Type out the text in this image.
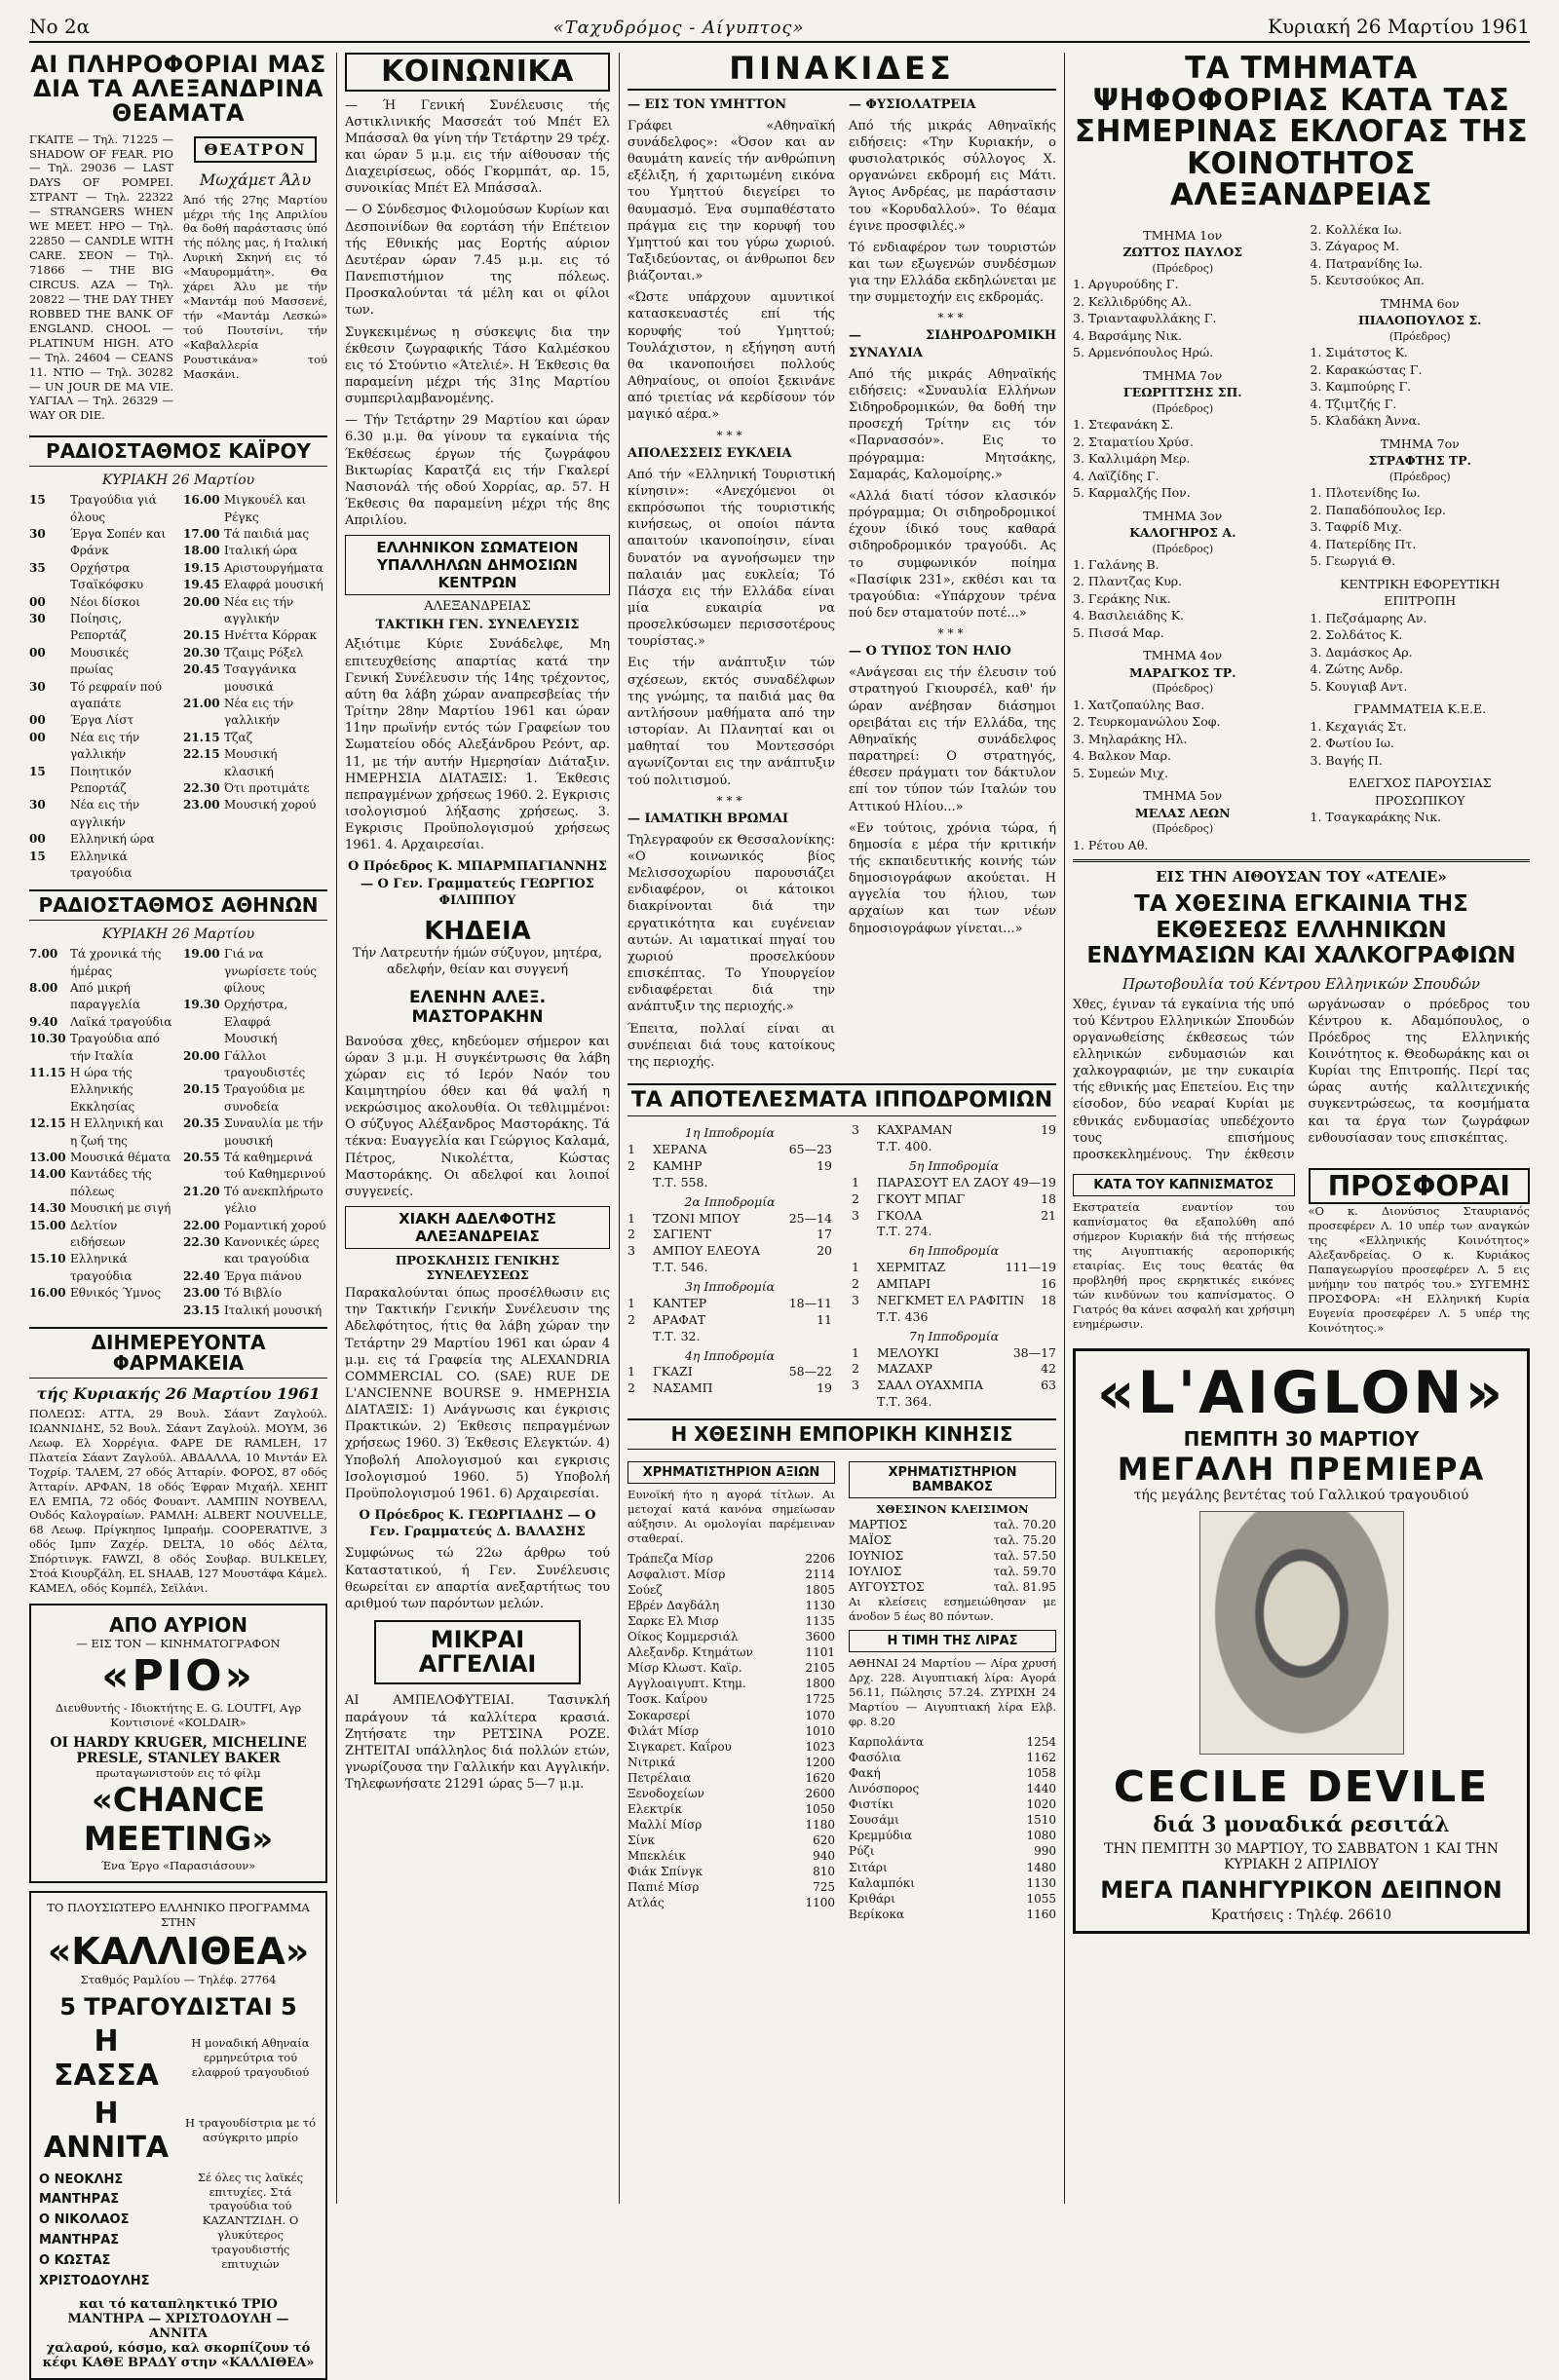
Νο 2α	«Ταχυδρόμος - Αίγυπτος»	Κυριακή 26 Μαρτίου 1961
ΑΙ ΠΛΗΡΟΦΟΡΙΑΙ ΜΑΣ ΔΙΑ ΤΑ ΑΛΕΞΑΝΔΡΙΝΑ ΘΕΑΜΑΤΑ
ΓΚΑΙΤΕ — Τηλ. 71225 — SHADOW OF FEAR. ΡΙΟ — Τηλ. 29036 — LAST DAYS OF POMPEI. ΣΤΡΑΝΤ — Τηλ. 22322 — STRANGERS WHEN WE MEET. ΗΡΟ — Τηλ. 22850 — CANDLE WITH CARE. ΣΕΟΝ — Τηλ. 71866 — THE BIG CIRCUS. ΑΖΑ — Τηλ. 20822 — THE DAY THEY ROBBED THE BANK OF ENGLAND. CHOOL — PLATINUM HIGH. ΑΤΟ — Τηλ. 24604 — CEANS 11. ΝΤΙΟ — Τηλ. 30282 — UN JOUR DE MA VIE. ΥΑΓΙΑΛ — Τηλ. 26329 — WAY OR DIE.
ΘΕΑΤΡΟΝ
Μωχάμετ Άλυ
Άπό τής 27ης Μαρτίου μέχρι τής 1ης Απριλίου θα δοθή παράστασις ύπό τής πόλης μας, ή Ιταλική Λυρική Σκηνή εις τό «Μαυρομμάτη». Θα χάρει Άλυ με τήν «Μαντάμ πού Μασσενέ, τήν «Μαντάμ Λεσκώ» τού Πουτσίνι, τήν «Καβαλλερία Ρουστικάνα» τού Μασκάνι.
ΡΑΔΙΟΣΤΑΘΜΟΣ ΚΑΪΡΟΥ
ΚΥΡΙΑΚΗ 26 Μαρτίου
15	Τραγούδια γιά όλους
30	Έργα Σοπέν και Φράνκ
35	Ορχήστρα Τσαϊκόφσκυ
00	Νέοι δίσκοι
30	Ποίησις, Ρεπορτάζ
00	Μουσικές πρωίας
30	Τό ρεφραίν πού αγαπάτε
00	Έργα Λίστ
00	Νέα εις τήν γαλλικήν
15	Ποιητικόν Ρεπορτάζ
30	Νέα εις τήν αγγλικήν
00	Ελληνική ώρα
15	Ελληνικά τραγούδια
16.00 Μιγκουέλ και Ρέγκς
17.00 Τά παιδιά μας
18.00 Ιταλική ώρα
19.15 Αριστουργήματα
19.45 Ελαφρά μουσική
20.00 Νέα εις τήν αγγλικήν
20.15 Ηνέττα Κόρρακ
20.30 Τζαιμς Ρόξελ
20.45 Τσαγγάνικα μουσικά
21.00 Νέα εις τήν γαλλικήν
21.15 Τζαζ
22.15 Μουσική κλασική
22.30 Ότι προτιμάτε
23.00 Μουσική χορού
ΡΑΔΙΟΣΤΑΘΜΟΣ ΑΘΗΝΩΝ
ΚΥΡΙΑΚΗ 26 Μαρτίου
7.00	Τά χρονικά τής ήμέρας
8.00	Από μικρή παραγγελία
9.40	Λαϊκά τραγούδια
10.30 Τραγούδια από τήν Ιταλία
11.15 Η ώρα τής Ελληνικής Εκκλησίας
12.15 Η Ελληνική και η ζωή της
13.00 Μουσικά θέματα
14.00 Καντάδες τής πόλεως
14.30 Μουσική με σιγή
15.00 Δελτίον ειδήσεων
15.10 Ελληνικά τραγούδια
16.00 Εθνικός Ύμνος
19.00 Γιά να γνωρίσετε τούς φίλους
19.30 Ορχήστρα, Ελαφρά Μουσική
20.00 Γάλλοι τραγουδιστές
20.15 Τραγούδια με συνοδεία
20.35 Συναυλία με τήν μουσική
20.55 Τά καθημερινά τού Καθημερινού
21.20 Τό ανεκπλήρωτο γέλιο
22.00 Ρομαντική χορού
22.30 Κανονικές ώρες και τραγούδια
22.40 Έργα πιάνου
23.00 Τό Βιβλίο
23.15 Ιταλική μουσική
ΔΙΗΜΕΡΕΥΟΝΤΑ ΦΑΡΜΑΚΕΙΑ
τής Κυριακής 26 Μαρτίου 1961
ΠΟΛΕΩΣ: ΑΤΤΑ, 29 Βουλ. Σάαντ Ζαγλούλ. ΙΩΑΝΝΙΔΗΣ, 52 Βουλ. Σάαντ Ζαγλούλ. ΜΟΥΜ, 36 Λεωφ. Ελ Χορρέγια. ΦΑΡΕ DE RAMLEH, 17 Πλατεία Σάαντ Ζαγλούλ. ΑΒΔΑΛΛΑ, 10 Μιντάν Ελ Τοχρίρ. ΤΑΛΕΜ, 27 οδός Άτταρίν. ΦΟΡΟΣ, 87 οδός Άτταρίν. ΑΡΦΑΝ, 18 οδός Έφραν Μιχαήλ. ΧΕΗΙΤ ΕΛ ΕΜΠΑ, 72 οδός Φουαντ. ΛΑΜΠΙΝ ΝΟΥΒΕΛΛ, Ουδός Καλογραίων. ΡΑΜΛΗ: ALBERT NOUVELLE, 68 Λεωφ. Πρίγκηπος Ιμπραήμ. COOPERATIVE, 3 οδός Ιμπν Ζαχέρ. DELTA, 10 οδός Δέλτα, Σπόρτινγκ. FAWZI, 8 οδός Σουβαρ. BULKELEY, Στοά Κιουρζάλη. EL SHAAB, 127 Μουστάφα Κάμελ. ΚΑΜΕΛ, οδός Κομπέλ, Σεϊλάνι.
ΑΠΟ ΑΥΡΙΟΝ
— ΕΙΣ ΤΟΝ — ΚΙΝΗΜΑΤΟΓΡΑΦΟΝ
«ΡΙΟ»
Διευθυντής - Ιδιοκτήτης E. G. LOUTFI, Αγρ Κοντισιονέ «KOLDAIR»
OI HARDY KRUGER, MICHELINE PRESLE, STANLEY BAKER
πρωταγωνιστούν εις τό φίλμ
«CHANCE
MEETING»
Ένα Έργο «Παρασιάσουν»
ΤΟ ΠΛΟΥΣΙΩΤΕΡΟ ΕΛΛΗΝΙΚΟ ΠΡΟΓΡΑΜΜΑ ΣΤΗΝ
«ΚΑΛΛΙΘΕΑ»
Σταθμός Ραμλίου — Τηλέφ. 27764
5 ΤΡΑΓΟΥΔΙΣΤΑΙ 5
Η ΣΑΣΣΑ
Η μοναδική Αθηναία ερμηνεύτρια τού ελαφρού τραγουδιού
Η ΑΝΝΙΤΑ
Η τραγουδίστρια με τό ασύγκριτο μπρίο
Ο ΝΕΟΚΛΗΣ ΜΑΝΤΗΡΑΣ
Ο ΝΙΚΟΛΑΟΣ ΜΑΝΤΗΡΑΣ
Ο ΚΩΣΤΑΣ ΧΡΙΣΤΟΔΟΥΛΗΣ
Σέ όλες τις λαϊκές επιτυχίες. Στά τραγούδια τού ΚΑΖΑΝΤΖΙΔΗ. Ο γλυκύτερος τραγουδιστής επιτυχιών
και τό καταπληκτικό ΤΡΙΟ ΜΑΝΤΗΡΑ — ΧΡΙΣΤΟΔΟΥΛΗ — ΑΝΝΙΤΑ
χαλαρού, κόσμο, καλ σκορπίζουν τό κέφι ΚΑΘΕ ΒΡΑΔΥ στην «ΚΑΛΛΙΘΕΑ»
ΚΟΙΝΩΝΙΚΑ
— Ή Γενική Συνέλευσις τής Αστικλινικής Μασσεάτ τού Μπέτ Ελ Μπάσσαλ θα γίνη τήν Τετάρτην 29 τρέχ. και ώραν 5 μ.μ. εις τήν αίθουσαν τής Διαχειρίσεως, οδός Γκορμπάτ, αρ. 15, συνοικίας Μπέτ Ελ Μπάσσαλ.
— Ο Σύνδεσμος Φιλομούσων Κυρίων και Δεσποινίδων θα εορτάση τήν Επέτειον τής Εθνικής μας Εορτής αύριον Δευτέραν ώραν 7.45 μ.μ. εις τό Πανεπιστήμιον της πόλεως. Προσκαλούνται τά μέλη και οι φίλοι των.
Συγκεκιμένως η σύσκεψις δια την έκθεσιν ζωγραφικής Τάσο Καλμέσκου εις τό Στούντιο «Άτελιέ». Η Έκθεσις θα παραμείνη μέχρι τής 31ης Μαρτίου συμπεριλαμβανομένης.
— Τήν Τετάρτην 29 Μαρτίου και ώραν 6.30 μ.μ. θα γίνουν τα εγκαίνια τής Έκθέσεως έργων τής ζωγράφου Βικτωρίας Καρατζά εις τήν Γκαλερί Νασιονάλ τής οδού Χορρίας, αρ. 57. Η Έκθεσις θα παραμείνη μέχρι τής 8ης Απριλίου.
ΕΛΛΗΝΙΚΟΝ ΣΩΜΑΤΕΙΟΝ ΥΠΑΛΛΗΛΩΝ ΔΗΜΟΣΙΩΝ ΚΕΝΤΡΩΝ
ΑΛΕΞΑΝΔΡΕΙΑΣ
ΤΑΚΤΙΚΗ ΓΕΝ. ΣΥΝΕΛΕΥΣΙΣ
Αξιότιμε Κύριε Συνάδελφε, Μη επιτευχθείσης απαρτίας κατά την Γενική Συνέλευσιν τής 14ης τρέχοντος, αύτη θα λάβη χώραν αναπρεσβείας τήν Τρίτην 28ην Μαρτίου 1961 και ώραν 11ην πρωϊνήν εντός τών Γραφείων του Σωματείου οδός Αλεξάνδρου Ρεόντ, αρ. 11, με τήν αυτήν Ημερησίαν Διάταξιν. ΗΜΕΡΗΣΙΑ ΔΙΑΤΑΞΙΣ: 1. Έκθεσις πεπραγμένων χρήσεως 1960. 2. Εγκρισις ισολογισμού λήξασης χρήσεως. 3. Εγκρισις Προϋπολογισμού χρήσεως 1961. 4. Αρχαιρεσίαι.
Ο Πρόεδρος Κ. ΜΠΑΡΜΠΑΓΙΑΝΝΗΣ — Ο Γεν. Γραμματεύς ΓΕΩΡΓΙΟΣ ΦΙΛΙΠΠΟΥ
ΚΗΔΕΙΑ
Τήν Λατρευτήν ήμών σύζυγον, μητέρα, αδελφήν, θείαν και συγγενή
ΕΛΕΝΗΝ ΑΛΕΞ. ΜΑΣΤΟΡΑΚΗΝ
Βανούσα χθες, κηδεύομεν σήμερον και ώραν 3 μ.μ. Η συγκέντρωσις θα λάβη χώραν εις τό Ιερόν Ναόν του Καιμητηρίου όθεν και θά ψαλή η νεκρώσιμος ακολουθία. Οι τεθλιμμένοι: Ο σύζυγος Αλέξανδρος Μαστοράκης. Τά τέκνα: Ευαγγελία και Γεώργιος Καλαμά, Πέτρος, Νικολέττα, Κώστας Μαστοράκης. Οι αδελφοί και λοιποί συγγενείς.
ΧΙΑΚΗ ΑΔΕΛΦΟΤΗΣ ΑΛΕΞΑΝΔΡΕΙΑΣ
ΠΡΟΣΚΛΗΣΙΣ ΓΕΝΙΚΗΣ ΣΥΝΕΛΕΥΣΕΩΣ
Παρακαλούνται όπως προσέλθωσιν εις την Τακτικήν Γενικήν Συνέλευσιν της Αδελφότητος, ήτις θα λάβη χώραν την Τετάρτην 29 Μαρτίου 1961 και ώραν 4 μ.μ. εις τά Γραφεία της ΑLEXANDRIA COMMERCIAL CO. (SAE) RUE DE L'ANCIENNE BOURSE 9. ΗΜΕΡΗΣΙΑ ΔΙΑΤΑΞΙΣ: 1) Ανάγνωσις και έγκρισις Πρακτικών. 2) Έκθεσις πεπραγμένων χρήσεως 1960. 3) Έκθεσις Ελεγκτών. 4) Υποβολή Απολογισμού και εγκρισις Ισολογισμού 1960. 5) Υποβολή Προϋπολογισμού 1961. 6) Αρχαιρεσίαι.
Ο Πρόεδρος Κ. ΓΕΩΡΓΙΑΔΗΣ — Ο Γεν. Γραμματεύς Δ. ΒΑΛΑΣΗΣ
Συμφώνως τώ 22ω άρθρω τού Καταστατικού, ή Γεν. Συνέλευσις θεωρείται εν απαρτία ανεξαρτήτως του αριθμού των παρόντων μελών.
ΜΙΚΡΑΙ ΑΓΓΕΛΙΑΙ
ΑΙ ΑΜΠΕΛΟΦΥΤΕΙΑΙ. Τασινκλή παράγουν τά καλλίτερα κρασιά. Ζητήσατε την ΡΕΤΣΙΝΑ ΡΟΖΕ. ΖΗΤΕΙΤΑΙ υπάλληλος διά πολλών ετών, γνωρίζουσα την Γαλλικήν και Αγγλικήν. Τηλεφωνήσατε 21291 ώρας 5—7 μ.μ.
ΠΙΝΑΚΙΔΕΣ
— ΕΙΣ ΤΟΝ ΥΜΗΤΤΟΝ
Γράφει «Αθηναϊκή συνάδελφος»: «Όσον και αν θαυμάτη κανείς τήν ανθρώπινη εξέλιξη, ή χαριτωμένη εικόνα του Υμηττού διεγείρει το θαυμασμό. Ένα συμπαθέστατο πράγμα εις την κορυφή του Υμηττού και του γύρω χωριού. Ταξιδεύοντας, οι άνθρωποι δεν βιάζονται.»
«Ώστε υπάρχουν αμυντικοί κατασκευαστές επί τής κορυφής τού Υμηττού; Τουλάχιστον, η εξήγηση αυτή θα ικανοποιήσει πολλούς Αθηναίους, οι οποίοι ξεκινάνε από τριετίας νά κερδίσουν τόν μαγικό αέρα.»
***
ΑΠΟΛΕΣΣΕΙΣ ΕΥΚΛΕΙΑ
Από τήν «Ελληνική Τουριστική κίνησιν»: «Ανεχόμενοι οι εκπρόσωποι τής τουριστικής κινήσεως, οι οποίοι πάντα απαιτούν ικανοποίησιν, είναι δυνατόν να αγνοήσωμεν την παλαιάν μας ευκλεία; Τό Πάσχα εις τήν Ελλάδα είναι μία ευκαιρία να προσελκύσωμεν περισσοτέρους τουρίστας.»
Εις τήν ανάπτυξιν τών σχέσεων, εκτός συναδέλφων της γνώμης, τα παιδιά μας θα αντλήσουν μαθήματα από την ιστορίαν. Αι Πλανηταί και οι μαθηταί του Μοντεσσόρι αγωνίζονται εις την ανάπτυξιν τού πολιτισμού.
***
— ΙΑΜΑΤΙΚΗ ΒΡΩΜΑΙ
Τηλεγραφούν εκ Θεσσαλονίκης: «Ο κοινωνικός βίος Μελισσοχωρίου παρουσιάζει ενδιαφέρον, οι κάτοικοι διακρίνονται διά την εργατικότητα και ευγένειαν αυτών. Αι ιαματικαί πηγαί του χωριού προσελκύουν επισκέπτας. Το Υπουργείον ενδιαφέρεται διά την ανάπτυξιν της περιοχής.»
Έπειτα, πολλαί είναι αι συνέπειαι διά τους κατοίκους της περιοχής.
— ΦΥΣΙΟΛΑΤΡΕΙΑ
Από τής μικράς Αθηναϊκής ειδήσεις: «Την Κυριακήν, ο φυσιολατρικός σύλλογος Χ. οργανώνει εκδρομή εις Μάτι. Άγιος Ανδρέας, με παράστασιν του «Κορυδαλλού». Το θέαμα έγινε προσφιλές.»
Τό ενδιαφέρον των τουριστών και των εξωγενών συνδέσμων για την Ελλάδα εκδηλώνεται με την συμμετοχήν εις εκδρομάς.
***
— ΣΙΔΗΡΟΔΡΟΜΙΚΗ ΣΥΝΑΥΛΙΑ
Από τής μικράς Αθηναϊκής ειδήσεις: «Συναυλία Ελλήνων Σιδηροδρομικών, θα δοθή την προσεχή Τρίτην εις τόν «Παρνασσόν». Εις το πρόγραμμα: Μητσάκης, Σαμαράς, Καλομοίρης.»
«Αλλά διατί τόσον κλασικόν πρόγραμμα; Οι σιδηροδρομικοί έχουν ίδικό τους καθαρά σιδηροδρομικόν τραγούδι. Ας το συμφωνικόν ποίημα «Πασίφικ 231», εκθέσι και τα τραγούδια: «Υπάρχουν τρένα πού δεν σταματούν ποτέ...»
***
— Ο ΤΥΠΟΣ ΤΟΝ ΗΛΙΟ
«Ανάγεσαι εις τήν έλευσιν τού στρατηγού Γκιουρσέλ, καθ' ήν ώραν ανέβησαν διάσημοι ορειβάται εις τήν Ελλάδα, της Αθηναϊκής συνάδελφος παρατηρεί: Ο στρατηγός, έθεσεν πράγματι τον δάκτυλον επί τον τύπον τών Ιταλών του Αττικού Ηλίου...»
«Εν τούτοις, χρόνια τώρα, ή δημοσία ε μέρα τήν κριτικήν τής εκπαιδευτικής κοινής τών δημοσιογράφων ακούεται. Η αγγελία του ήλιου, των αρχαίων και των νέων δημοσιογράφων γίνεται...»
ΤΑ ΑΠΟΤΕΛΕΣΜΑΤΑ ΙΠΠΟΔΡΟΜΙΩΝ
1η Ιπποδρομία
1	ΧΕΡΑΝΑ	65—23
2	ΚΑΜΗΡ	19
Τ.Τ. 558.
2α Ιπποδρομία
1	ΤΖΟΝΙ ΜΠΟΥ	25—14
2	ΣΑΓΙΕΝΤ	17
3	ΑΜΠΟΥ ΕΛΕΟΥΑ	20
Τ.Τ. 546.
3η Ιπποδρομία
1	ΚΑΝΤΕΡ	18—11
2	ΑΡΑΦΑΤ	11
Τ.Τ. 32.
4η Ιπποδρομία
1	ΓΚΑΖΙ	58—22
2	ΝΑΣΑΜΠ	19
3	ΚΑΧΡΑΜΑΝ	19
Τ.Τ. 400.
5η Ιπποδρομία
1	ΠΑΡΑΣΟΥΤ ΕΛ ΖΑΟΥ 49—19
2	ΓΚΟΥΤ ΜΠΑΓ	18
3	ΓΚΟΛΑ	21
Τ.Τ. 274.
6η Ιπποδρομία
1	ΧΕΡΜΙΤΑΖ	111—19
2	ΑΜΠΑΡΙ	16
3	ΝΕΓΚΜΕΤ ΕΛ ΡΑΦΙΤΙΝ	18
Τ.Τ. 436
7η Ιπποδρομία
1	ΜΕΛΟΥΚΙ	38—17
2	ΜΑΖΑΧΡ	42
3	ΣΑΑΛ ΟΥΑΧΜΠΑ	63
Τ.Τ. 364.
Η ΧΘΕΣΙΝΗ ΕΜΠΟΡΙΚΗ ΚΙΝΗΣΙΣ
ΧΡΗΜΑΤΙΣΤΗΡΙΟΝ ΑΞΙΩΝ
Ευνοϊκή ήτο η αγορά τίτλων. Αι μετοχαί κατά κανόνα σημείωσαν αύξησιν. Αι ομολογίαι παρέμειναν σταθεραί.
Τράπεζα Μίσρ	2206
Ασφαλιστ. Μίσρ	2114
Σούεζ	1805
Εβρέν Δαγδάλη	1130
Σαρκε Ελ Μισρ	1135
Οίκος Κομμερσιάλ	3600
Αλεξανδρ. Κτημάτων	1101
Μίσρ Κλωστ. Καϊρ.	2105
Αγγλοαιγυπτ. Κτημ.	1800
Τοσκ. Καΐρου	1725
Σοκαρσερί	1070
Φιλάτ Μίσρ	1010
Σιγκαρετ. Καΐρου	1023
Νιτρικά	1200
Πετρέλαια	1620
Ξενοδοχείων	2600
Ελεκτρίκ	1050
Μαλλί Μίσρ	1180
Σίνκ	620
Μπεκλέικ	940
Φιάκ Σπίνγκ	810
Παπιέ Μίσρ	725
Ατλάς	1100
ΧΡΗΜΑΤΙΣΤΗΡΙΟΝ ΒΑΜΒΑΚΟΣ
ΧΘΕΣΙΝΟΝ ΚΛΕΙΣΙΜΟΝ
ΜΑΡΤΙΟΣ	ταλ. 70.20
ΜΑΪΟΣ	ταλ. 75.20
ΙΟΥΝΙΟΣ	ταλ. 57.50
ΙΟΥΛΙΟΣ	ταλ. 59.70
ΑΥΓΟΥΣΤΟΣ	ταλ. 81.95
Αι κλείσεις εσημειώθησαν με άνοδον 5 έως 80 πόντων.
Η ΤΙΜΗ ΤΗΣ ΛΙΡΑΣ
ΑΘΗΝΑΙ 24 Μαρτίου — Λίρα χρυσή Δρχ. 228. Αιγυπτιακή λίρα: Αγορά 56.11, Πώλησις 57.24. ΖΥΡΙΧΗ 24 Μαρτίου — Αιγυπτιακή λίρα Ελβ. φρ. 8.20
Καρπολάντα	1254
Φασόλια	1162
Φακή	1058
Λινόσπορος	1440
Φιστίκι	1020
Σουσάμι	1510
Κρεμμύδια	1080
Ρύζι	990
Σιτάρι	1480
Καλαμπόκι	1130
Κριθάρι	1055
Βερίκοκα	1160
ΤΑ ΤΜΗΜΑΤΑ ΨΗΦΟΦΟΡΙΑΣ ΚΑΤΑ ΤΑΣ ΣΗΜΕΡΙΝΑΣ ΕΚΛΟΓΑΣ ΤΗΣ ΚΟΙΝΟΤΗΤΟΣ ΑΛΕΞΑΝΔΡΕΙΑΣ
ΤΜΗΜΑ 1ον
ΖΩΤΤΟΣ ΠΑΥΛΟΣ
(Πρόεδρος)
1. Αργυρούδης Γ.
2. Κελλιδρύδης Αλ.
3. Τριανταφυλλάκης Γ.
4. Βαρσάμης Νικ.
5. Αρμενόπουλος Ηρώ.
ΤΜΗΜΑ 7ον
ΓΕΩΡΓΙΤΣΗΣ ΣΠ.
(Πρόεδρος)
1. Στεφανάκη Σ.
2. Σταματίου Χρύσ.
3. Καλλιμάρη Μερ.
4. Λαϊζίδης Γ.
5. Καρμαλζής Πον.
ΤΜΗΜΑ 3ον
ΚΑΛΟΓΗΡΟΣ Α.
(Πρόεδρος)
1. Γαλάνης Β.
2. Πλαντζας Κυρ.
3. Γεράκης Νικ.
4. Βασιλειάδης Κ.
5. Πισσά Μαρ.
ΤΜΗΜΑ 4ον
ΜΑΡΑΓΚΟΣ ΤΡ.
(Πρόεδρος)
1. Χατζοπαύλης Βασ.
2. Τευρκομανώλου Σοφ.
3. Μηλαράκης Ηλ.
4. Βαλκον Μαρ.
5. Συμεών Μιχ.
ΤΜΗΜΑ 5ον
ΜΕΛΑΣ ΛΕΩΝ
(Πρόεδρος)
1. Ρέτου Αθ.
2. Κολλέκα Ιω.
3. Ζάγαρος Μ.
4. Πατρανίδης Ιω.
5. Κευτσούκος Απ.
ΤΜΗΜΑ 6ον
ΠΙΑΛΟΠΟΥΛΟΣ Σ.
(Πρόεδρος)
1. Σιμάτστος Κ.
2. Καρακώστας Γ.
3. Καμπούρης Γ.
4. Τζιμτζής Γ.
5. Κλαδάκη Άννα.
ΤΜΗΜΑ 7ον
ΣΤΡΑΦΤΗΣ ΤΡ.
(Πρόεδρος)
1. Πλοτενίδης Ιω.
2. Παπαδόπουλος Ιερ.
3. Ταφρίδ Μιχ.
4. Πατερίδης Πτ.
5. Γεωργιά Θ.
ΚΕΝΤΡΙΚΗ ΕΦΟΡΕΥΤΙΚΗ ΕΠΙΤΡΟΠΗ
1. Πεζσάμαρης Αν.
2. Σολδάτος Κ.
3. Δαμάσκος Αρ.
4. Ζώτης Ανδρ.
5. Κουγιαβ Αντ.
ΓΡΑΜΜΑΤΕΙΑ Κ.Ε.Ε.
1. Κεχαγιάς Στ.
2. Φωτίου Ιω.
3. Βαγής Π.
ΕΛΕΓΧΟΣ ΠΑΡΟΥΣΙΑΣ ΠΡΟΣΩΠΙΚΟΥ
1. Τσαγκαράκης Νικ.
ΕΙΣ ΤΗΝ ΑΙΘΟΥΣΑΝ ΤΟΥ «ΑΤΕΛΙΕ»
ΤΑ ΧΘΕΣΙΝΑ ΕΓΚΑΙΝΙΑ ΤΗΣ ΕΚΘΕΣΕΩΣ ΕΛΛΗΝΙΚΩΝ ΕΝΔΥΜΑΣΙΩΝ ΚΑΙ ΧΑΛΚΟΓΡΑΦΙΩΝ
Πρωτοβουλία τού Κέντρου Ελληνικών Σπουδών
Χθες, έγιναν τά εγκαίνια τής υπό τού Κέντρου Ελληνικών Σπουδών οργανωθείσης έκθεσεως τών ελληνικών ενδυμασιών και χαλκογραφιών, με την ευκαιρία τής εθνικής μας Επετείου. Εις την είσοδον, δύο νεαραί Κυρίαι με εθνικάς ενδυμασίας υπεδέχοντο τους επισήμους προσκεκλημένους. Την έκθεσιν ωργάνωσαν ο πρόεδρος του Κέντρου κ. Αδαμόπουλος, ο Πρόεδρος της Ελληνικής Κοινότητος κ. Θεοδωράκης και οι Κυρίαι της Επιτροπής. Περί τας ώρας αυτής καλλιτεχνικής συγκεντρώσεως, τα κοσμήματα και τα έργα των ζωγράφων ενθουσίασαν τους επισκέπτας.
ΚΑΤΑ ΤΟΥ ΚΑΠΝΙΣΜΑΤΟΣ
Εκστρατεία εναντίον του καπνίσματος θα εξαπολύθη από σήμερον Κυριακήν διά τής πτήσεως της Αιγυπτιακής αεροπορικής εταιρίας. Εις τους θεατάς θα προβληθή προς εκρηκτικές εικόνες τών κινδύνων του καπνίσματος. Ο Γιατρός θα κάνει ασφαλή και χρήσιμη ενημέρωσιν.
ΠΡΟΣΦΟΡΑΙ
«Ο κ. Διονύσιος Σταυριανός προσεφέρεν Λ. 10 υπέρ των αναγκών της «Ελληνικής Κοινότητος» Αλεξανδρείας. Ο κ. Κυριάκος Παπαγεωργίου προσεφέρεν Λ. 5 εις μνήμην του πατρός του.» ΣΥΓΕΜΗΣ ΠΡΟΣΦΟΡΑ: «Η Ελληνική Κυρία Ευγενία προσεφέρεν Λ. 5 υπέρ της Κοινότητος.»
«L'AIGLON»
ΠΕΜΠΤΗ 30 ΜΑΡΤΙΟΥ
ΜΕΓΑΛΗ ΠΡΕΜΙΕΡΑ
τής μεγάλης βεντέτας τού Γαλλικού τραγουδιού
CECILE DEVILE
διά 3 μοναδικά ρεσιτάλ
ΤΗΝ ΠΕΜΠΤΗ 30 ΜΑΡΤΙΟΥ, ΤΟ ΣΑΒΒΑΤΟΝ 1 ΚΑΙ ΤΗΝ ΚΥΡΙΑΚΗ 2 ΑΠΡΙΛΙΟΥ
ΜΕΓΑ ΠΑΝΗΓΥΡΙΚΟΝ ΔΕΙΠΝΟΝ
Κρατήσεις : Τηλέφ. 26610
